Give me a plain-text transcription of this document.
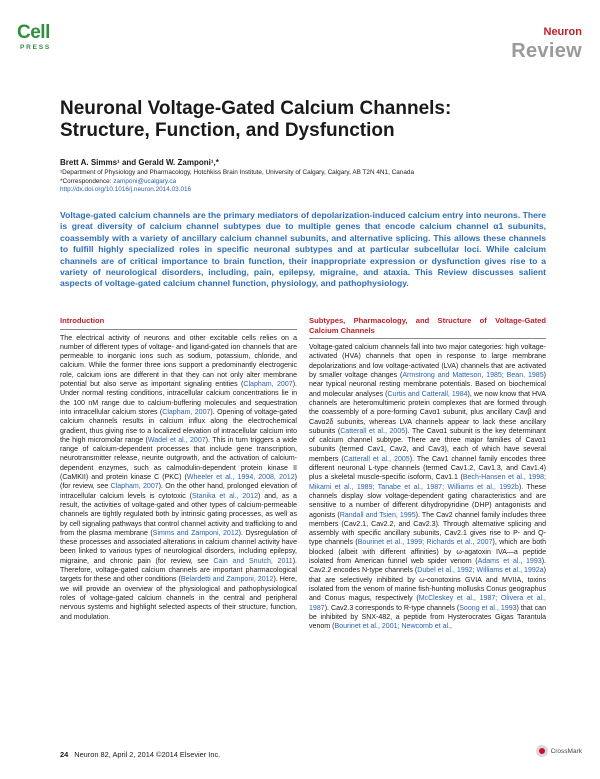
Cell
PRESS
Neuron
Review
Neuronal Voltage-Gated Calcium Channels: Structure, Function, and Dysfunction
Brett A. Simms¹ and Gerald W. Zamponi¹,*
¹Department of Physiology and Pharmacology, Hotchkiss Brain Institute, University of Calgary, Calgary, AB T2N 4N1, Canada
*Correspondence: zamponi@ucalgary.ca
http://dx.doi.org/10.1016/j.neuron.2014.03.016

Voltage-gated calcium channels are the primary mediators of depolarization-induced calcium entry into neurons. There is great diversity of calcium channel subtypes due to multiple genes that encode calcium channel α1 subunits, coassembly with a variety of ancillary calcium channel subunits, and alternative splicing. This allows these channels to fulfill highly specialized roles in specific neuronal subtypes and at particular subcellular loci. While calcium channels are of critical importance to brain function, their inappropriate expression or dysfunction gives rise to a variety of neurological disorders, including, pain, epilepsy, migraine, and ataxia. This Review discusses salient aspects of voltage-gated calcium channel function, physiology, and pathophysiology.

Introduction

The electrical activity of neurons and other excitable cells relies on a number of different types of voltage- and ligand-gated ion channels that are permeable to inorganic ions such as sodium, potassium, chloride, and calcium. While the former three ions support a predominantly electrogenic role, calcium ions are different in that they can not only alter membrane potential but also serve as important signaling entities (Clapham, 2007). Under normal resting conditions, intracellular calcium concentrations lie in the 100 nM range due to calcium-buffering molecules and sequestration into intracellular calcium stores (Clapham, 2007). Opening of voltage-gated calcium channels results in calcium influx along the electrochemical gradient, thus giving rise to a localized elevation of intracellular calcium into the high micromolar range (Wadel et al., 2007). This in turn triggers a wide range of calcium-dependent processes that include gene transcription, neurotransmitter release, neurite outgrowth, and the activation of calcium-dependent enzymes, such as calmodulin-dependent protein kinase II (CaMKII) and protein kinase C (PKC) (Wheeler et al., 1994, 2008, 2012) (for review, see Clapham, 2007). On the other hand, prolonged elevation of intracellular calcium levels is cytotoxic (Stanika et al., 2012) and, as a result, the activities of voltage-gated and other types of calcium-permeable channels are tightly regulated both by intrinsic gating processes, as well as by cell signaling pathways that control channel activity and trafficking to and from the plasma membrane (Simms and Zamponi, 2012). Dysregulation of these processes and associated alterations in calcium channel activity have been linked to various types of neurological disorders, including epilepsy, migraine, and chronic pain (for review, see Cain and Snutch, 2011). Therefore, voltage-gated calcium channels are important pharmacological targets for these and other conditions (Belardetti and Zamponi, 2012). Here, we will provide an overview of the physiological and pathophysiological roles of voltage-gated calcium channels in the central and peripheral nervous systems and highlight selected aspects of their structure, function, and modulation.

Subtypes, Pharmacology, and Structure of Voltage-Gated Calcium Channels

Voltage-gated calcium channels fall into two major categories: high voltage-activated (HVA) channels that open in response to large membrane depolarizations and low voltage-activated (LVA) channels that are activated by smaller voltage changes (Armstrong and Matteson, 1985; Bean, 1985) near typical neuronal resting membrane potentials. Based on biochemical and molecular analyses (Curtis and Catterall, 1984), we now know that HVA channels are heteromultimeric protein complexes that are formed through the coassembly of a pore-forming Cavα1 subunit, plus ancillary Cavβ and Cavα2δ subunits, whereas LVA channels appear to lack these ancillary subunits (Catterall et al., 2005). The Cavα1 subunit is the key determinant of calcium channel subtype. There are three major families of Cavα1 subunits (termed Cav1, Cav2, and Cav3), each of which have several members (Catterall et al., 2005). The Cav1 channel family encodes three different neuronal L-type channels (termed Cav1.2, Cav1.3, and Cav1.4) plus a skeletal muscle-specific isoform, Cav1.1 (Bech-Hansen et al., 1998; Mikami et al., 1989; Tanabe et al., 1987; Williams et al., 1992b). These channels display slow voltage-dependent gating characteristics and are sensitive to a number of different dihydropyridine (DHP) antagonists and agonists (Randall and Tsien, 1995). The Cav2 channel family includes three members (Cav2.1, Cav2.2, and Cav2.3). Through alternative splicing and assembly with specific ancillary subunits, Cav2.1 gives rise to P- and Q-type channels (Bourinet et al., 1999; Richards et al., 2007), which are both blocked (albeit with different affinities) by ω-agatoxin IVA—a peptide isolated from American funnel web spider venom (Adams et al., 1993). Cav2.2 encodes N-type channels (Dubel et al., 1992; Williams et al., 1992a) that are selectively inhibited by ω-conotoxins GVIA and MVIIA, toxins isolated from the venom of marine fish-hunting mollusks Conus geographus and Conus magus, respectively (McCleskey et al., 1987; Olivera et al., 1987). Cav2.3 corresponds to R-type channels (Soong et al., 1993) that can be inhibited by SNX-482, a peptide from Hysterocrates Gigas Tarantula venom (Bourinet et al., 2001; Newcomb et al.,

24 Neuron 82, April 2, 2014 ©2014 Elsevier Inc.	CrossMark
